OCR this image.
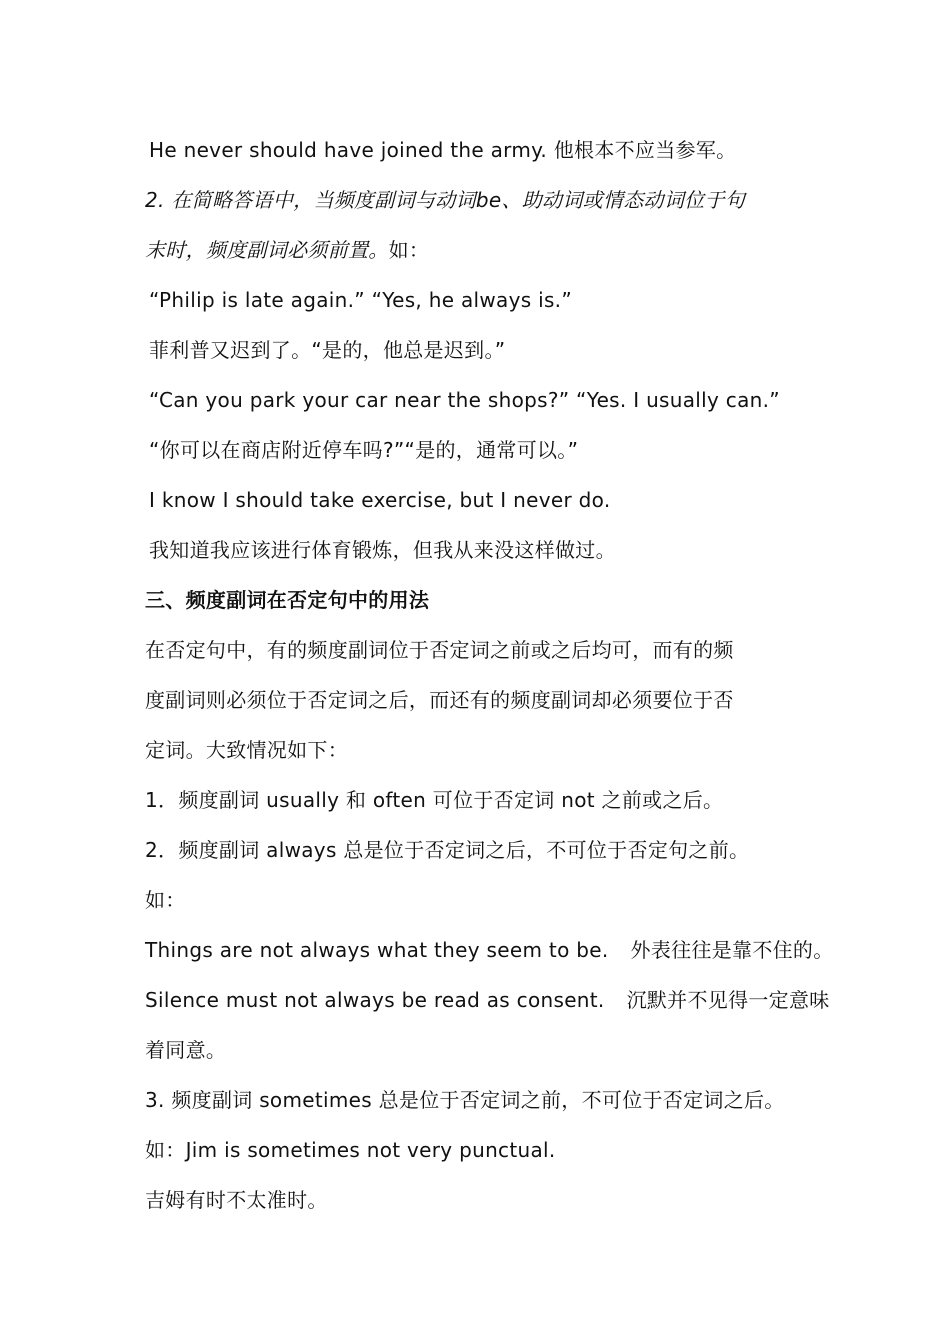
He never should have joined the army. 他根本不应当参军。
2. 在简略答语中，当频度副词与动词be、助动词或情态动词位于句
末时，频度副词必须前置。如：
“Philip is late again.” “Yes, he always is.”
菲利普又迟到了。“是的，他总是迟到。”
“Can you park your car near the shops?” “Yes. I usually can.”
“你可以在商店附近停车吗?”“是的，通常可以。”
I know I should take exercise, but I never do.
我知道我应该进行体育锻炼，但我从来没这样做过。
三、频度副词在否定句中的用法
在否定句中，有的频度副词位于否定词之前或之后均可，而有的频
度副词则必须位于否定词之后，而还有的频度副词却必须要位于否
定词。大致情况如下：
1．频度副词 usually 和 often 可位于否定词 not 之前或之后。
2．频度副词 always 总是位于否定词之后，不可位于否定句之前。
如：
Things are not always what they seem to be. 外表往往是靠不住的。
Silence must not always be read as consent. 沉默并不见得一定意味
着同意。
3. 频度副词 sometimes 总是位于否定词之前，不可位于否定词之后。
如：Jim is sometimes not very punctual.
吉姆有时不太准时。
